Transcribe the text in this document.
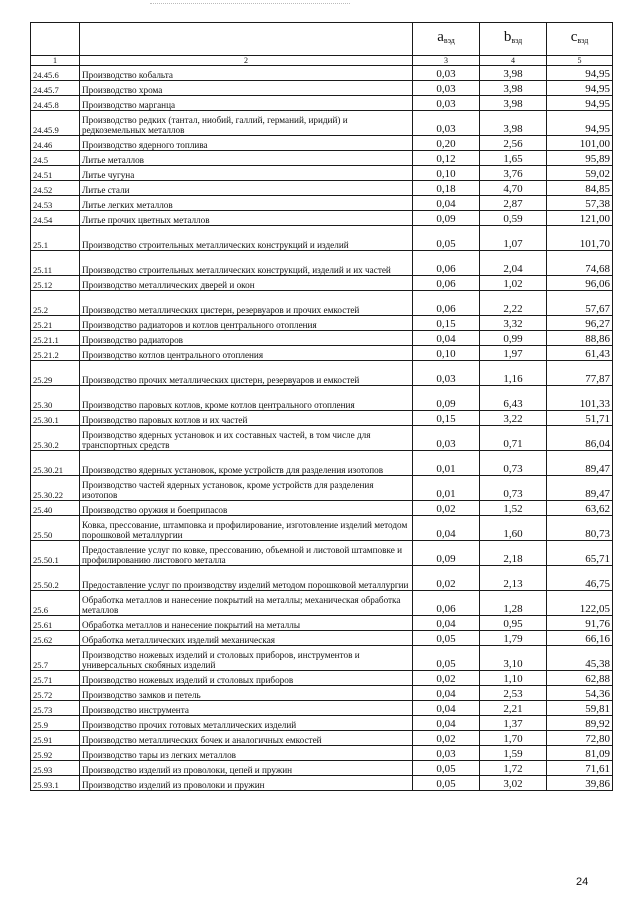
		$a_{вэд}$	$b_{вэд}$	$c_{вэд}$
1	2	3	4	5
24.45.6	Производство кобальта	0,03	3,98	94,95
24.45.7	Производство хрома	0,03	3,98	94,95
24.45.8	Производство марганца	0,03	3,98	94,95
24.45.9	Производство редких (тантал, ниобий, галлий, германий, иридий) и редкоземельных металлов	0,03	3,98	94,95
24.46	Производство ядерного топлива	0,20	2,56	101,00
24.5	Литье металлов	0,12	1,65	95,89
24.51	Литье чугуна	0,10	3,76	59,02
24.52	Литье стали	0,18	4,70	84,85
24.53	Литье легких металлов	0,04	2,87	57,38
24.54	Литье прочих цветных металлов	0,09	0,59	121,00
25.1	Производство строительных металлических конструкций и изделий	0,05	1,07	101,70
25.11	Производство строительных металлических конструкций, изделий и их частей	0,06	2,04	74,68
25.12	Производство металлических дверей и окон	0,06	1,02	96,06
25.2	Производство металлических цистерн, резервуаров и прочих емкостей	0,06	2,22	57,67
25.21	Производство радиаторов и котлов центрального отопления	0,15	3,32	96,27
25.21.1	Производство радиаторов	0,04	0,99	88,86
25.21.2	Производство котлов центрального отопления	0,10	1,97	61,43
25.29	Производство прочих металлических цистерн, резервуаров и емкостей	0,03	1,16	77,87
25.30	Производство паровых котлов, кроме котлов центрального отопления	0,09	6,43	101,33
25.30.1	Производство паровых котлов и их частей	0,15	3,22	51,71
25.30.2	Производство ядерных установок и их составных частей, в том числе для транспортных средств	0,03	0,71	86,04
25.30.21	Производство ядерных установок, кроме устройств для разделения изотопов	0,01	0,73	89,47
25.30.22	Производство частей ядерных установок, кроме устройств для разделения изотопов	0,01	0,73	89,47
25.40	Производство оружия и боеприпасов	0,02	1,52	63,62
25.50	Ковка, прессование, штамповка и профилирование, изготовление изделий методом порошковой металлургии	0,04	1,60	80,73
25.50.1	Предоставление услуг по ковке, прессованию, объемной и листовой штамповке и профилированию листового металла	0,09	2,18	65,71
25.50.2	Предоставление услуг по производству изделий методом порошковой металлургии	0,02	2,13	46,75
25.6	Обработка металлов и нанесение покрытий на металлы; механическая обработка металлов	0,06	1,28	122,05
25.61	Обработка металлов и нанесение покрытий на металлы	0,04	0,95	91,76
25.62	Обработка металлических изделий механическая	0,05	1,79	66,16
25.7	Производство ножевых изделий и столовых приборов, инструментов и универсальных скобяных изделий	0,05	3,10	45,38
25.71	Производство ножевых изделий и столовых приборов	0,02	1,10	62,88
25.72	Производство замков и петель	0,04	2,53	54,36
25.73	Производство инструмента	0,04	2,21	59,81
25.9	Производство прочих готовых металлических изделий	0,04	1,37	89,92
25.91	Производство металлических бочек и аналогичных емкостей	0,02	1,70	72,80
25.92	Производство тары из легких металлов	0,03	1,59	81,09
25.93	Производство изделий из проволоки, цепей и пружин	0,05	1,72	71,61
25.93.1	Производство изделий из проволоки и пружин	0,05	3,02	39,86
24
